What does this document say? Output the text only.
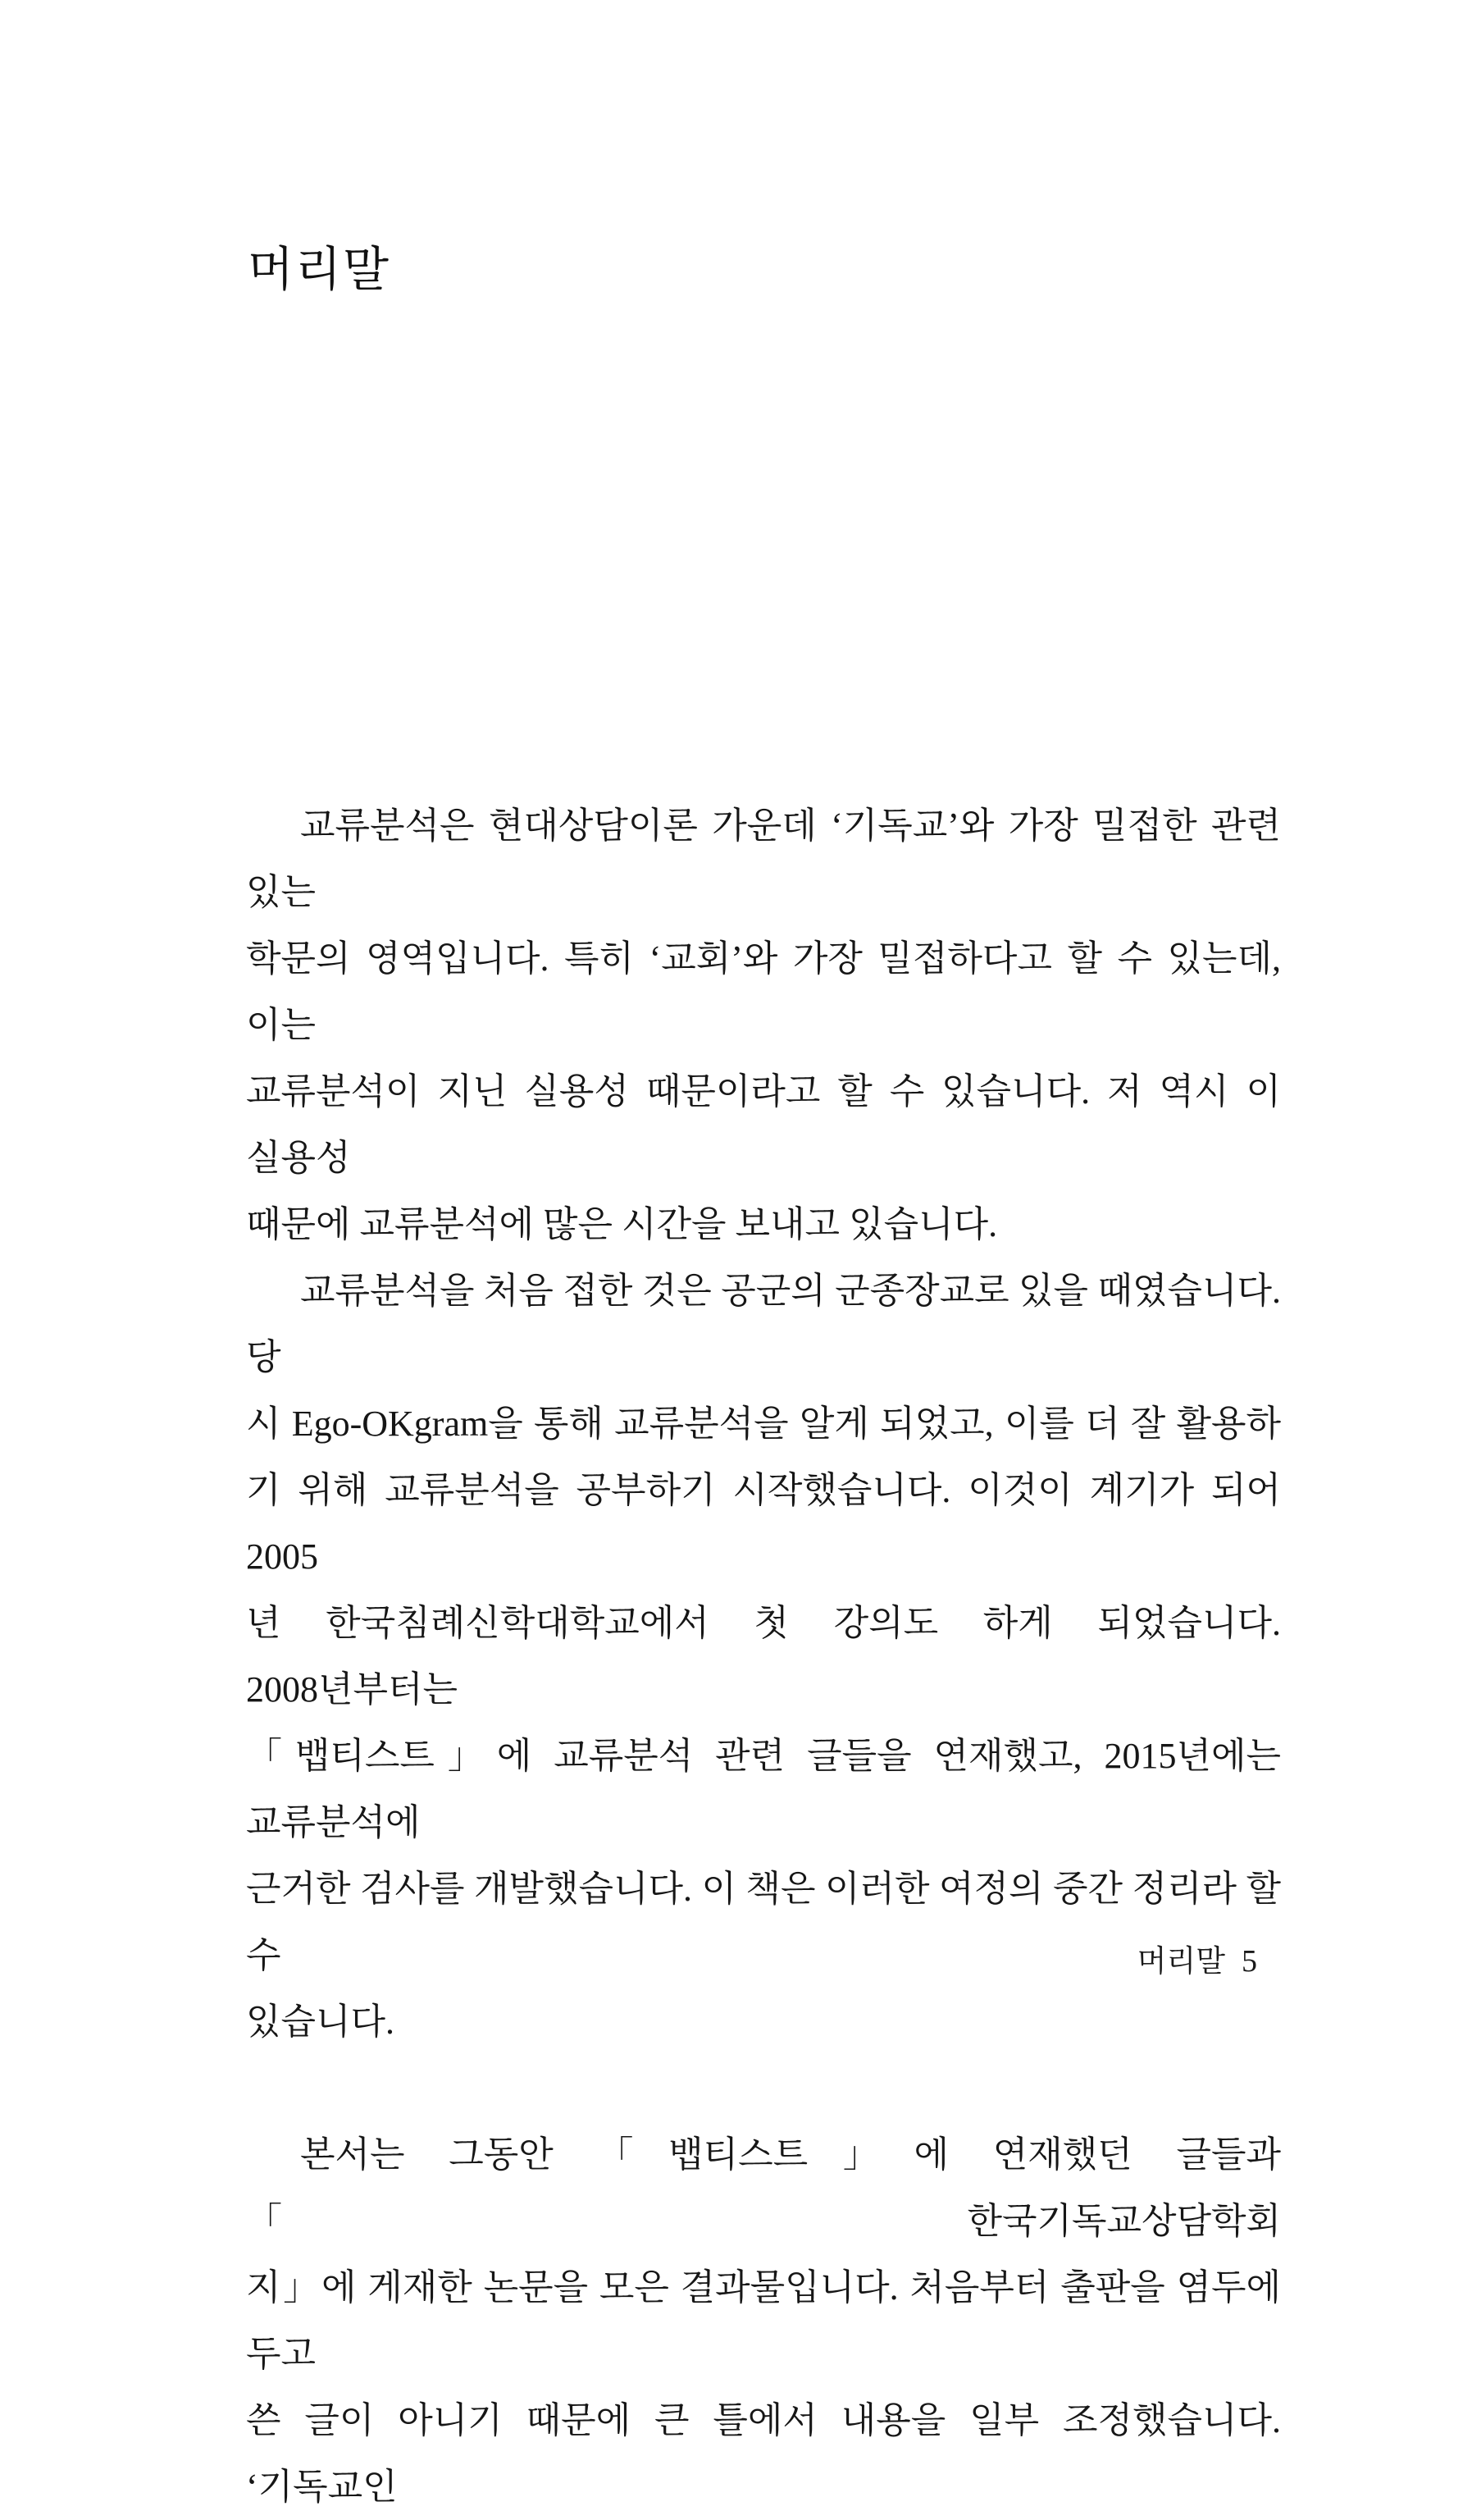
머리말
교류분석은 현대상담이론 가운데 ‘기독교’와 가장 밀접한 관련 있는
학문의 영역입니다. 특히 ‘교회’와 가장 밀접하다고 할 수 있는데, 이는
교류분석이 지닌 실용성 때문이라고 할 수 있습니다. 저 역시 이 실용성
때문에 교류분석에 많은 시간을 보내고 있습니다.
교류분석을 처음 접한 것은 공군의 군종장교로 있을 때였습니다. 당
시 Ego-OKgram을 통해 교류분석을 알게 되었고, 이를 더 잘 활용하
기 위해 교류분석을 공부하기 시작했습니다. 이것이 계기가 되어 2005
년 한국침례신학대학교에서 첫 강의도 하게 되었습니다. 2008년부터는
「뱁티스트」에 교류분석 관련 글들을 연재했고, 2015년에는 교류분석에
근거한 검사를 개발했습니다. 이 책은 이러한 여정의 중간 정리라 할 수
있습니다.
본서는 그동안 「뱁티스트」에 연재했던 글들과 「한국기독교상담학회
지」에 게재한 논문을 모은 결과물입니다. 처음부터 출판을 염두에 두고
쓴 글이 아니기 때문에 큰 틀에서 내용을 일부 조정했습니다. ‘기독교인
머리말 5
